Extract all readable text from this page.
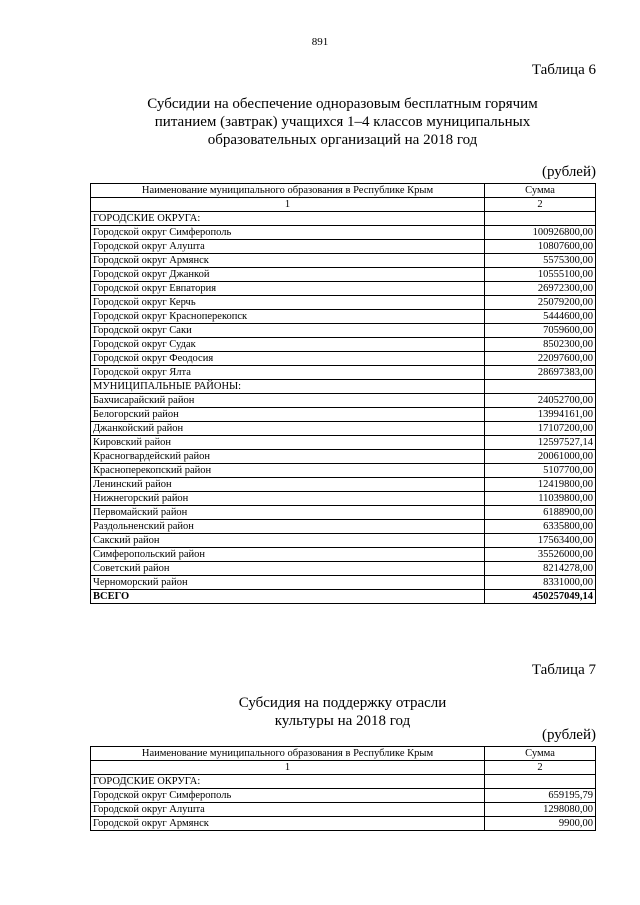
891
Таблица 6
Субсидии на обеспечение одноразовым бесплатным горячим
питанием (завтрак) учащихся 1–4 классов муниципальных
образовательных организаций на 2018 год
(рублей)
Наименование муниципального образования в Республике Крым	Сумма
1	2
ГОРОДСКИЕ ОКРУГА:	
Городской округ Симферополь	100926800,00
Городской округ Алушта	10807600,00
Городской округ Армянск	5575300,00
Городской округ Джанкой	10555100,00
Городской округ Евпатория	26972300,00
Городской округ Керчь	25079200,00
Городской округ Красноперекопск	5444600,00
Городской округ Саки	7059600,00
Городской округ Судак	8502300,00
Городской округ Феодосия	22097600,00
Городской округ Ялта	28697383,00
МУНИЦИПАЛЬНЫЕ РАЙОНЫ:	
Бахчисарайский район	24052700,00
Белогорский район	13994161,00
Джанкойский район	17107200,00
Кировский район	12597527,14
Красногвардейский район	20061000,00
Красноперекопский район	5107700,00
Ленинский район	12419800,00
Нижнегорский район	11039800,00
Первомайский район	6188900,00
Раздольненский район	6335800,00
Сакский район	17563400,00
Симферопольский район	35526000,00
Советский район	8214278,00
Черноморский район	8331000,00
ВСЕГО	450257049,14
Таблица 7
Субсидия на поддержку отрасли
культуры на 2018 год
(рублей)
Наименование муниципального образования в Республике Крым	Сумма
1	2
ГОРОДСКИЕ ОКРУГА:	
Городской округ Симферополь	659195,79
Городской округ Алушта	1298080,00
Городской округ Армянск	9900,00
